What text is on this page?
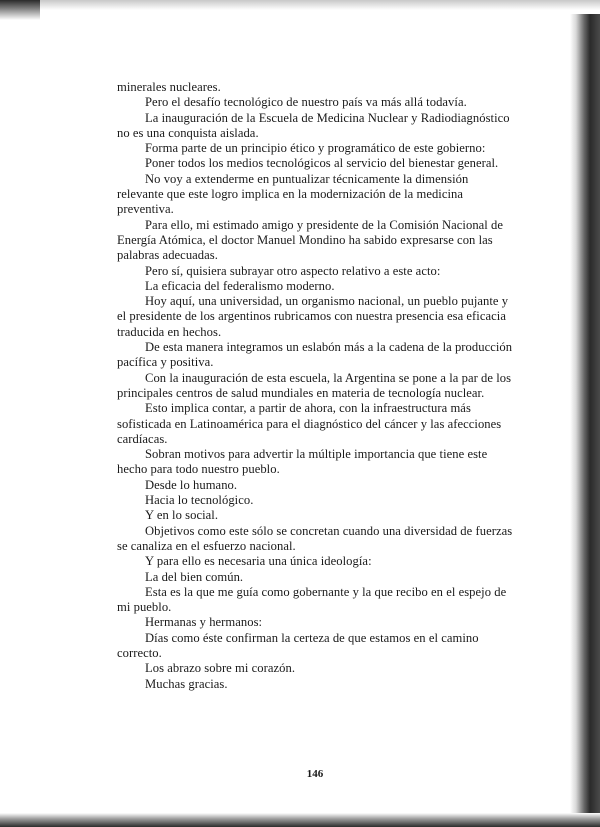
minerales nucleares.

Pero el desafío tecnológico de nuestro país va más allá todavía.

La inauguración de la Escuela de Medicina Nuclear y Radiodiagnóstico no es una conquista aislada.

Forma parte de un principio ético y programático de este gobierno:

Poner todos los medios tecnológicos al servicio del bienestar general.

No voy a extenderme en puntualizar técnicamente la dimensión relevante que este logro implica en la modernización de la medicina preventiva.

Para ello, mi estimado amigo y presidente de la Comisión Nacional de Energía Atómica, el doctor Manuel Mondino ha sabido expresarse con las palabras adecuadas.

Pero sí, quisiera subrayar otro aspecto relativo a este acto:

La eficacia del federalismo moderno.

Hoy aquí, una universidad, un organismo nacional, un pueblo pujante y el presidente de los argentinos rubricamos con nuestra presencia esa eficacia traducida en hechos.

De esta manera integramos un eslabón más a la cadena de la producción pacífica y positiva.

Con la inauguración de esta escuela, la Argentina se pone a la par de los principales centros de salud mundiales en materia de tecnología nuclear.

Esto implica contar, a partir de ahora, con la infraestructura más sofisticada en Latinoamérica para el diagnóstico del cáncer y las afecciones cardíacas.

Sobran motivos para advertir la múltiple importancia que tiene este hecho para todo nuestro pueblo.

Desde lo humano.

Hacia lo tecnológico.

Y en lo social.

Objetivos como este sólo se concretan cuando una diversidad de fuerzas se canaliza en el esfuerzo nacional.

Y para ello es necesaria una única ideología:

La del bien común.

Esta es la que me guía como gobernante y la que recibo en el espejo de mi pueblo.

Hermanas y hermanos:

Días como éste confirman la certeza de que estamos en el camino correcto.

Los abrazo sobre mi corazón.

Muchas gracias.

146
